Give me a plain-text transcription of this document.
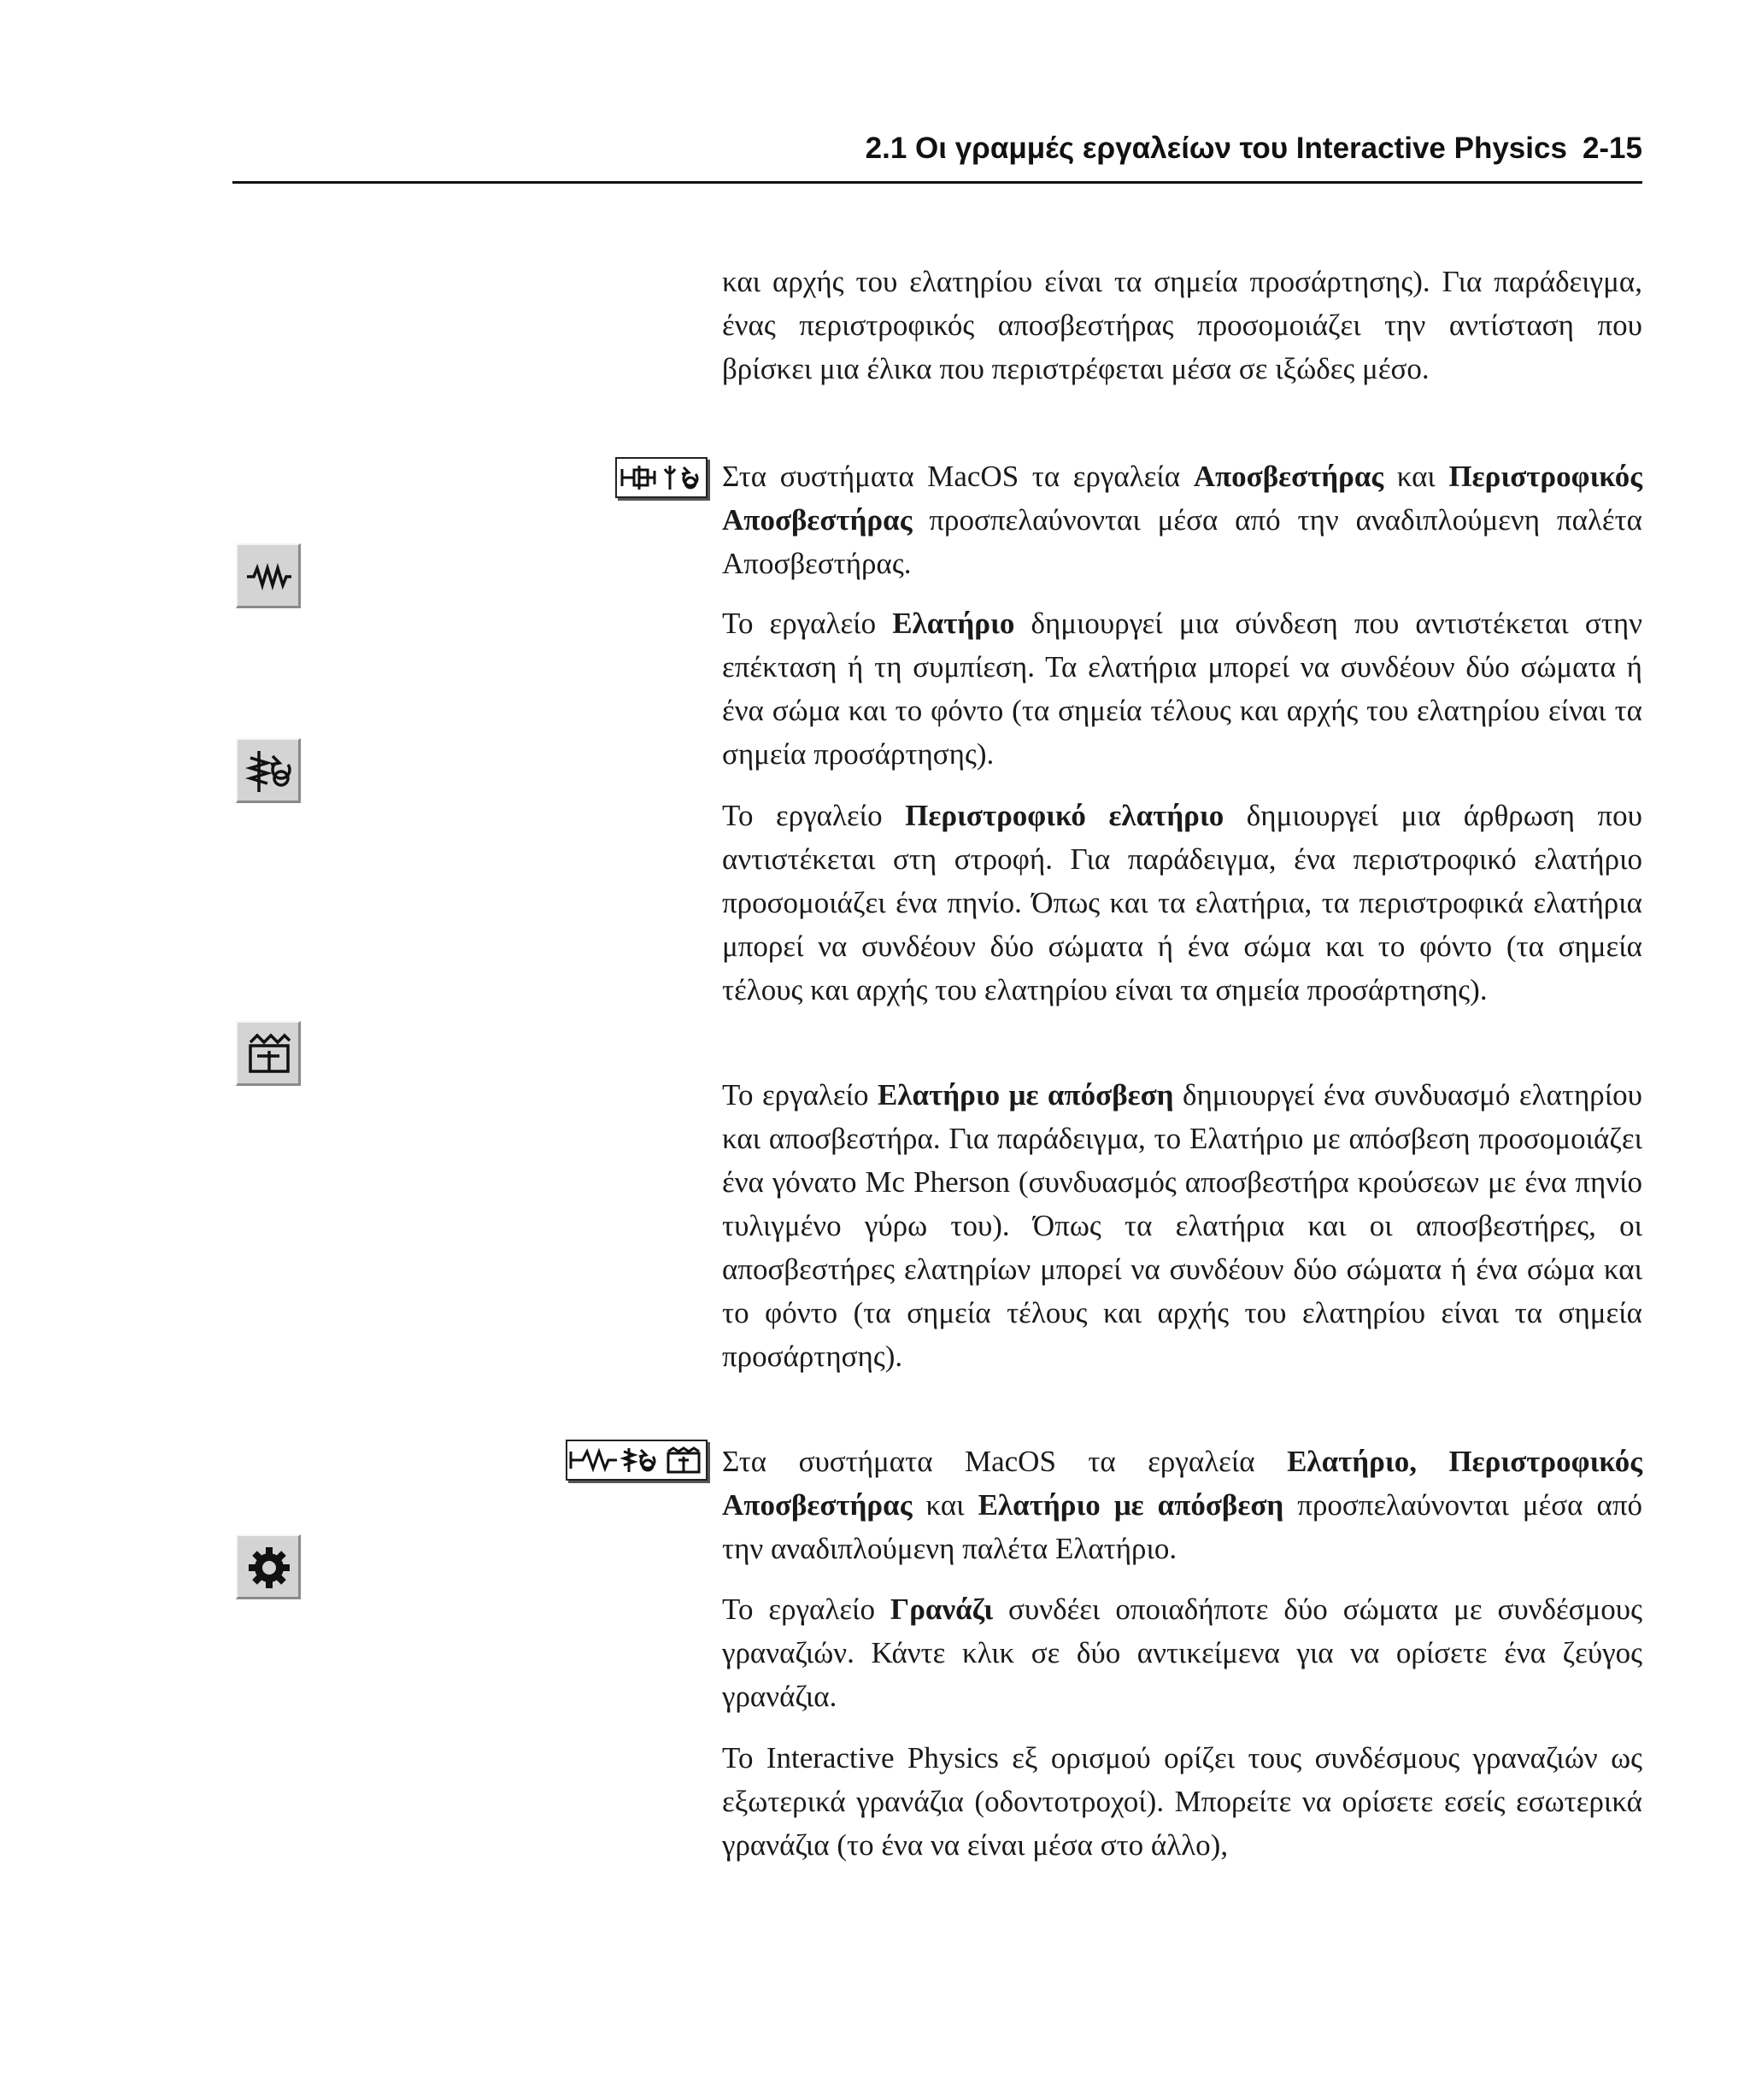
2.1 Οι γραμμές εργαλείων του Interactive Physics 2-15

και αρχής του ελατηρίου είναι τα σημεία προσάρτησης). Για παράδειγμα, ένας περιστροφικός αποσβεστήρας προσομοιάζει την αντίσταση που βρίσκει μια έλικα που περιστρέφεται μέσα σε ιξώδες μέσο.

Στα συστήματα MacOS τα εργαλεία Αποσβεστήρας και Περιστροφικός Αποσβεστήρας προσπελαύνονται μέσα από την αναδιπλούμενη παλέτα Αποσβεστήρας.

Το εργαλείο Ελατήριο δημιουργεί μια σύνδεση που αντιστέκεται στην επέκταση ή τη συμπίεση. Τα ελατήρια μπορεί να συνδέουν δύο σώματα ή ένα σώμα και το φόντο (τα σημεία τέλους και αρχής του ελατηρίου είναι τα σημεία προσάρτησης).

Το εργαλείο Περιστροφικό ελατήριο δημιουργεί μια άρθρωση που αντιστέκεται στη στροφή. Για παράδειγμα, ένα περιστροφικό ελατήριο προσομοιάζει ένα πηνίο. Όπως και τα ελατήρια, τα περιστροφικά ελατήρια μπορεί να συνδέουν δύο σώματα ή ένα σώμα και το φόντο (τα σημεία τέλους και αρχής του ελατηρίου είναι τα σημεία προσάρτησης).

Το εργαλείο Ελατήριο με απόσβεση δημιουργεί ένα συνδυασμό ελατηρίου και αποσβεστήρα. Για παράδειγμα, το Ελατήριο με απόσβεση προσομοιάζει ένα γόνατο Mc Pherson (συνδυασμός αποσβεστήρα κρούσεων με ένα πηνίο τυλιγμένο γύρω του). Όπως τα ελατήρια και οι αποσβεστήρες, οι αποσβεστήρες ελατηρίων μπορεί να συνδέουν δύο σώματα ή ένα σώμα και το φόντο (τα σημεία τέλους και αρχής του ελατηρίου είναι τα σημεία προσάρτησης).

Στα συστήματα MacOS τα εργαλεία Ελατήριο, Περιστροφικός Αποσβεστήρας και Ελατήριο με απόσβεση προσπελαύνονται μέσα από την αναδιπλούμενη παλέτα Ελατήριο.

Το εργαλείο Γρανάζι συνδέει οποιαδήποτε δύο σώματα με συνδέσμους γραναζιών. Κάντε κλικ σε δύο αντικείμενα για να ορίσετε ένα ζεύγος γρανάζια.

Το Interactive Physics εξ ορισμού ορίζει τους συνδέσμους γραναζιών ως εξωτερικά γρανάζια (οδοντοτροχοί). Μπορείτε να ορίσετε εσείς εσωτερικά γρανάζια (το ένα να είναι μέσα στο άλλο),
